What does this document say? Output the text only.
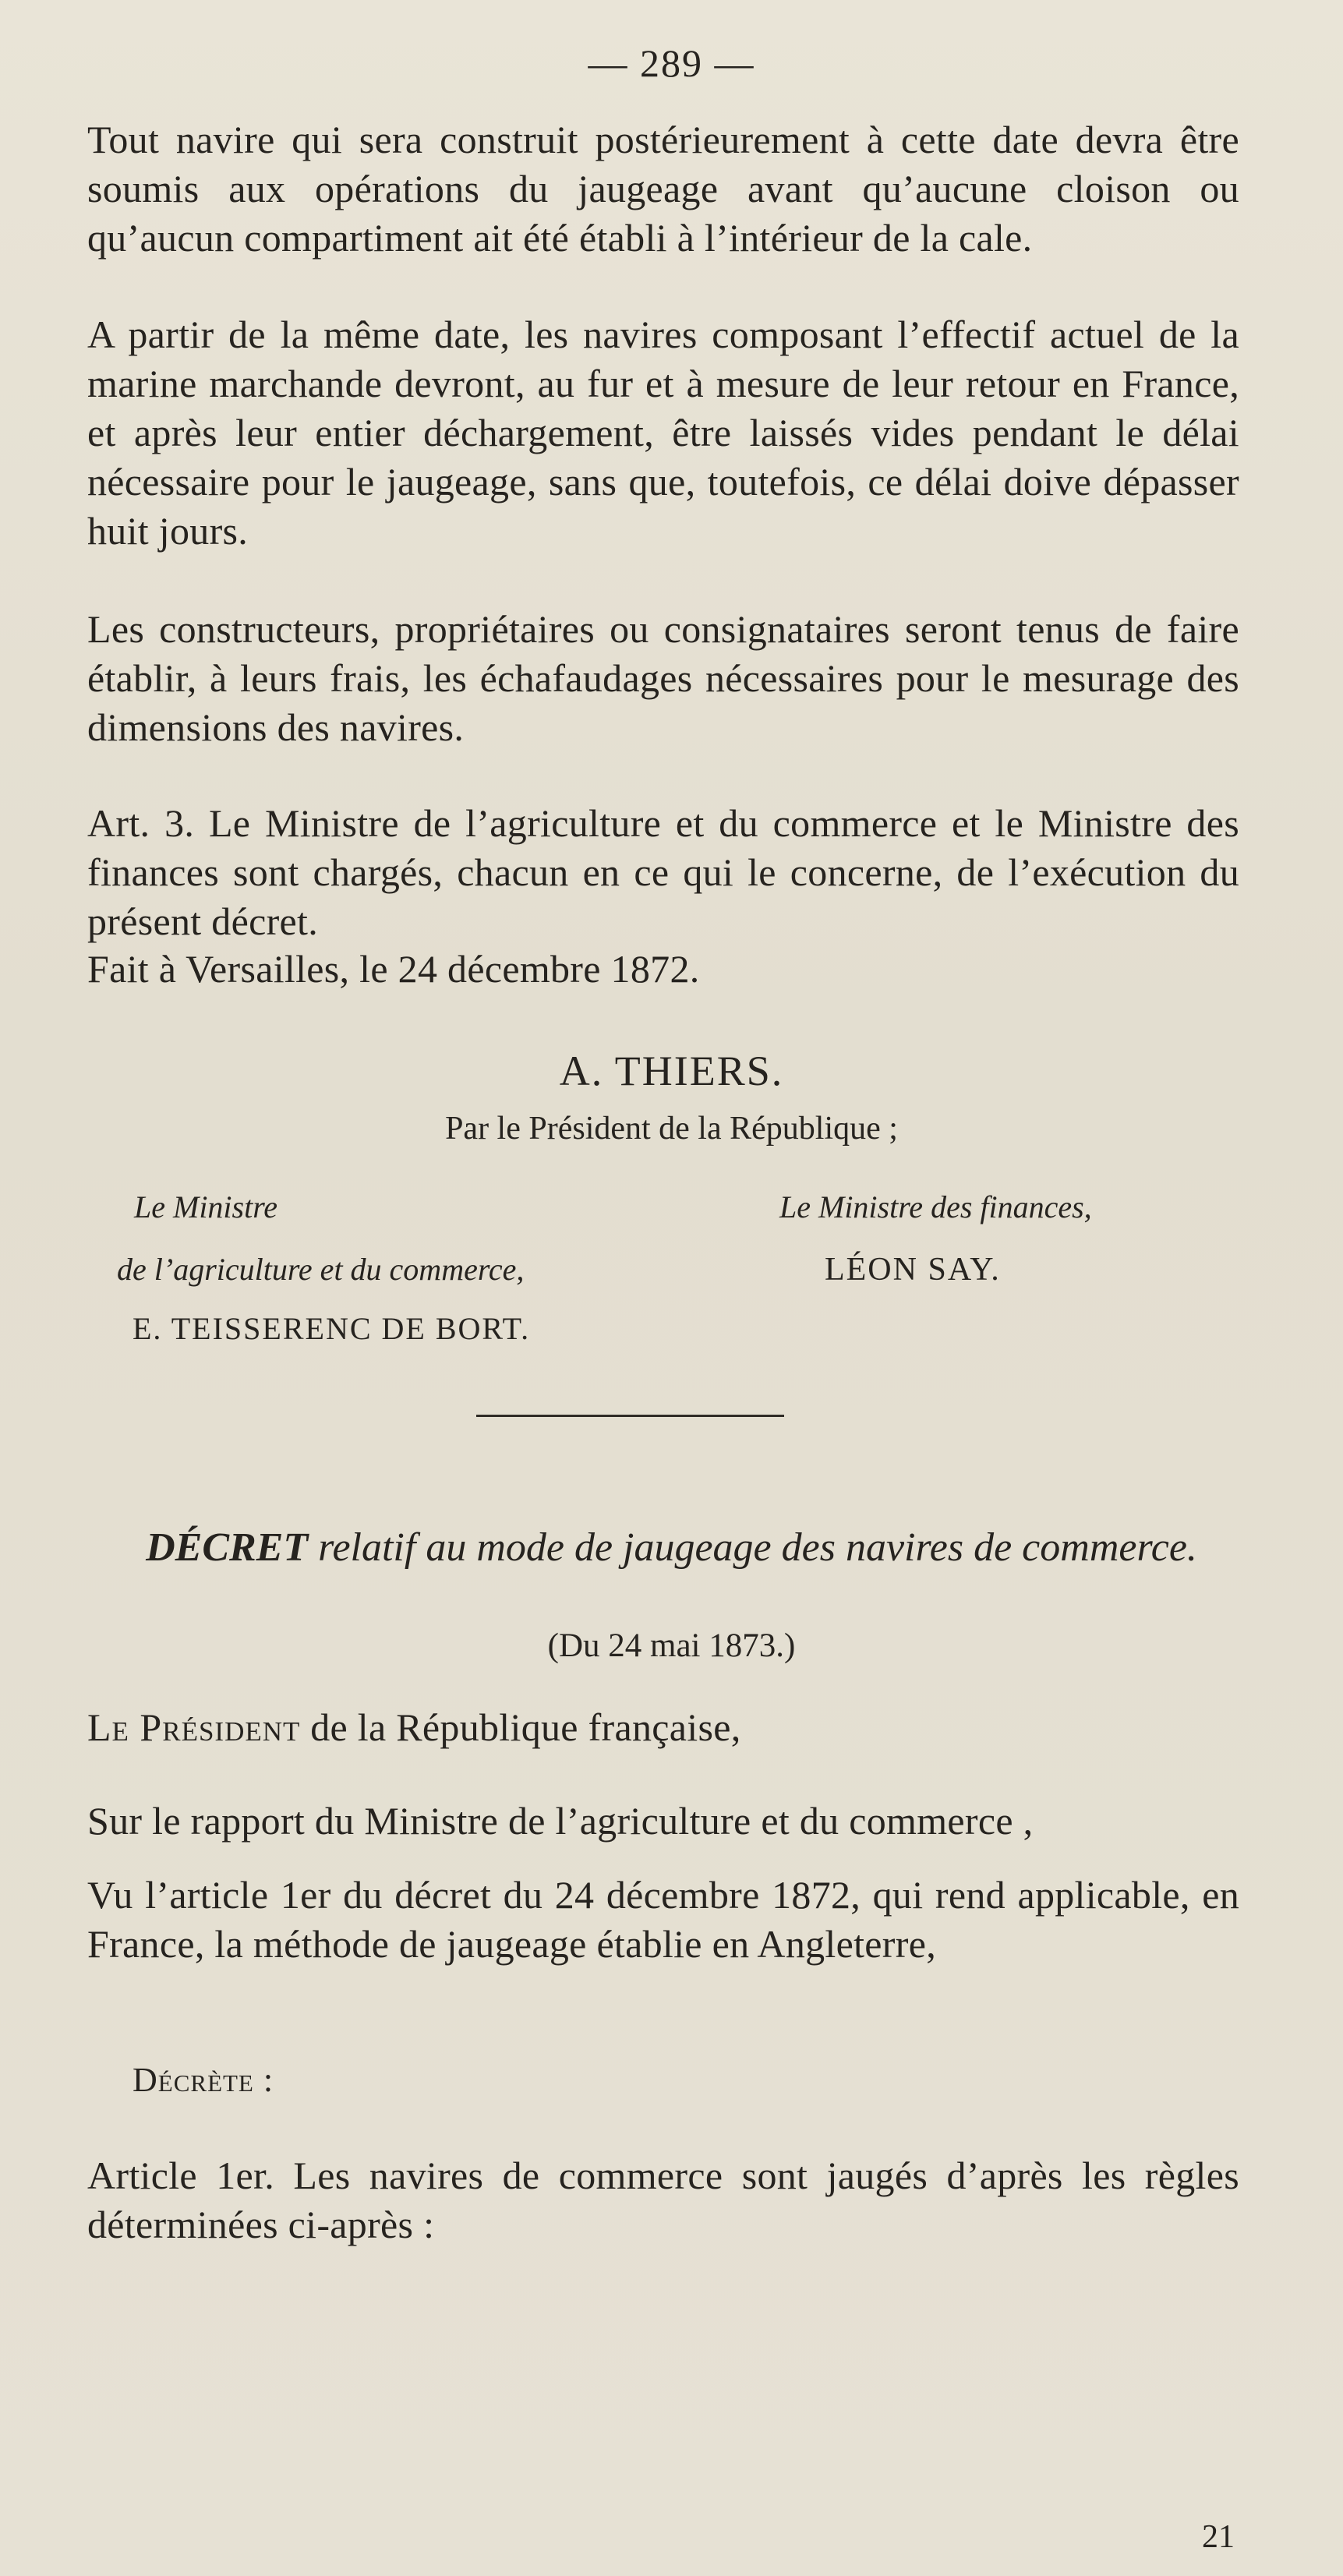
— 289 —

Tout navire qui sera construit postérieurement à cette date devra être soumis aux opérations du jaugeage avant qu’aucune cloison ou qu’aucun compartiment ait été établi à l’intérieur de la cale.

A partir de la même date, les navires composant l’effectif actuel de la marine marchande devront, au fur et à mesure de leur retour en France, et après leur entier déchargement, être laissés vides pendant le délai nécessaire pour le jaugeage, sans que, toutefois, ce délai doive dépasser huit jours.

Les constructeurs, propriétaires ou consignataires seront tenus de faire établir, à leurs frais, les échafaudages nécessaires pour le mesurage des dimensions des navires.

Art. 3. Le Ministre de l’agriculture et du commerce et le Ministre des finances sont chargés, chacun en ce qui le concerne, de l’exécution du présent décret.

Fait à Versailles, le 24 décembre 1872.

A. THIERS.
Par le Président de la République ;
Le Ministre
de l’agriculture et du commerce,
E. TEISSERENC DE BORT.
Le Ministre des finances,
LÉON SAY.
DÉCRET relatif au mode de jaugeage des navires de commerce.
(Du 24 mai 1873.)

Le Président de la République française,

Sur le rapport du Ministre de l’agriculture et du commerce ,

Vu l’article 1er du décret du 24 décembre 1872, qui rend applicable, en France, la méthode de jaugeage établie en Angleterre,

Décrète :

Article 1er. Les navires de commerce sont jaugés d’après les règles déterminées ci-après :

21
